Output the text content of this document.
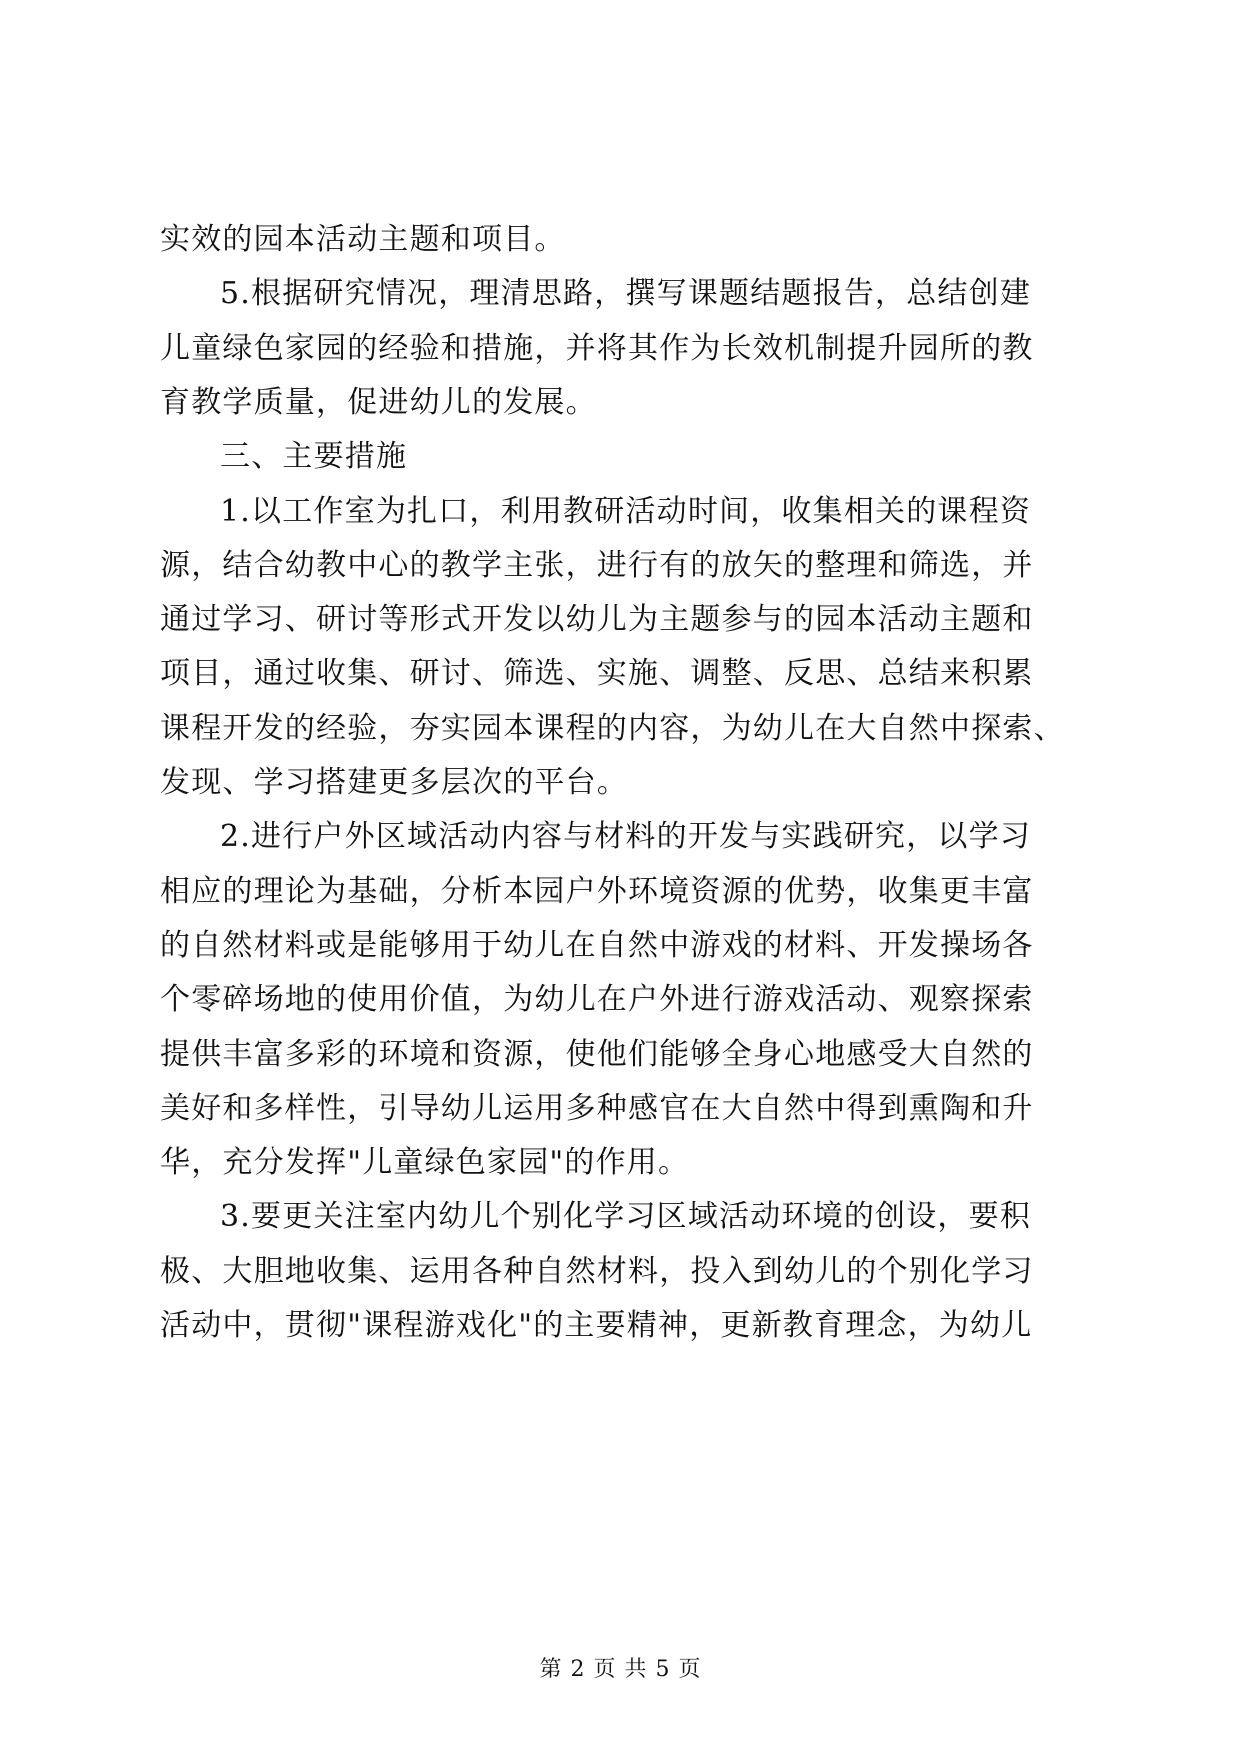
实效的园本活动主题和项目。
5.根据研究情况，理清思路，撰写课题结题报告，总结创建
儿童绿色家园的经验和措施，并将其作为长效机制提升园所的教
育教学质量，促进幼儿的发展。
三、主要措施
1.以工作室为扎口，利用教研活动时间，收集相关的课程资
源，结合幼教中心的教学主张，进行有的放矢的整理和筛选，并
通过学习、研讨等形式开发以幼儿为主题参与的园本活动主题和
项目，通过收集、研讨、筛选、实施、调整、反思、总结来积累
课程开发的经验，夯实园本课程的内容，为幼儿在大自然中探索、
发现、学习搭建更多层次的平台。
2.进行户外区域活动内容与材料的开发与实践研究，以学习
相应的理论为基础，分析本园户外环境资源的优势，收集更丰富
的自然材料或是能够用于幼儿在自然中游戏的材料、开发操场各
个零碎场地的使用价值，为幼儿在户外进行游戏活动、观察探索
提供丰富多彩的环境和资源，使他们能够全身心地感受大自然的
美好和多样性，引导幼儿运用多种感官在大自然中得到熏陶和升
华，充分发挥"儿童绿色家园"的作用。
3.要更关注室内幼儿个别化学习区域活动环境的创设，要积
极、大胆地收集、运用各种自然材料，投入到幼儿的个别化学习
活动中，贯彻"课程游戏化"的主要精神，更新教育理念，为幼儿
第 2 页 共 5 页
